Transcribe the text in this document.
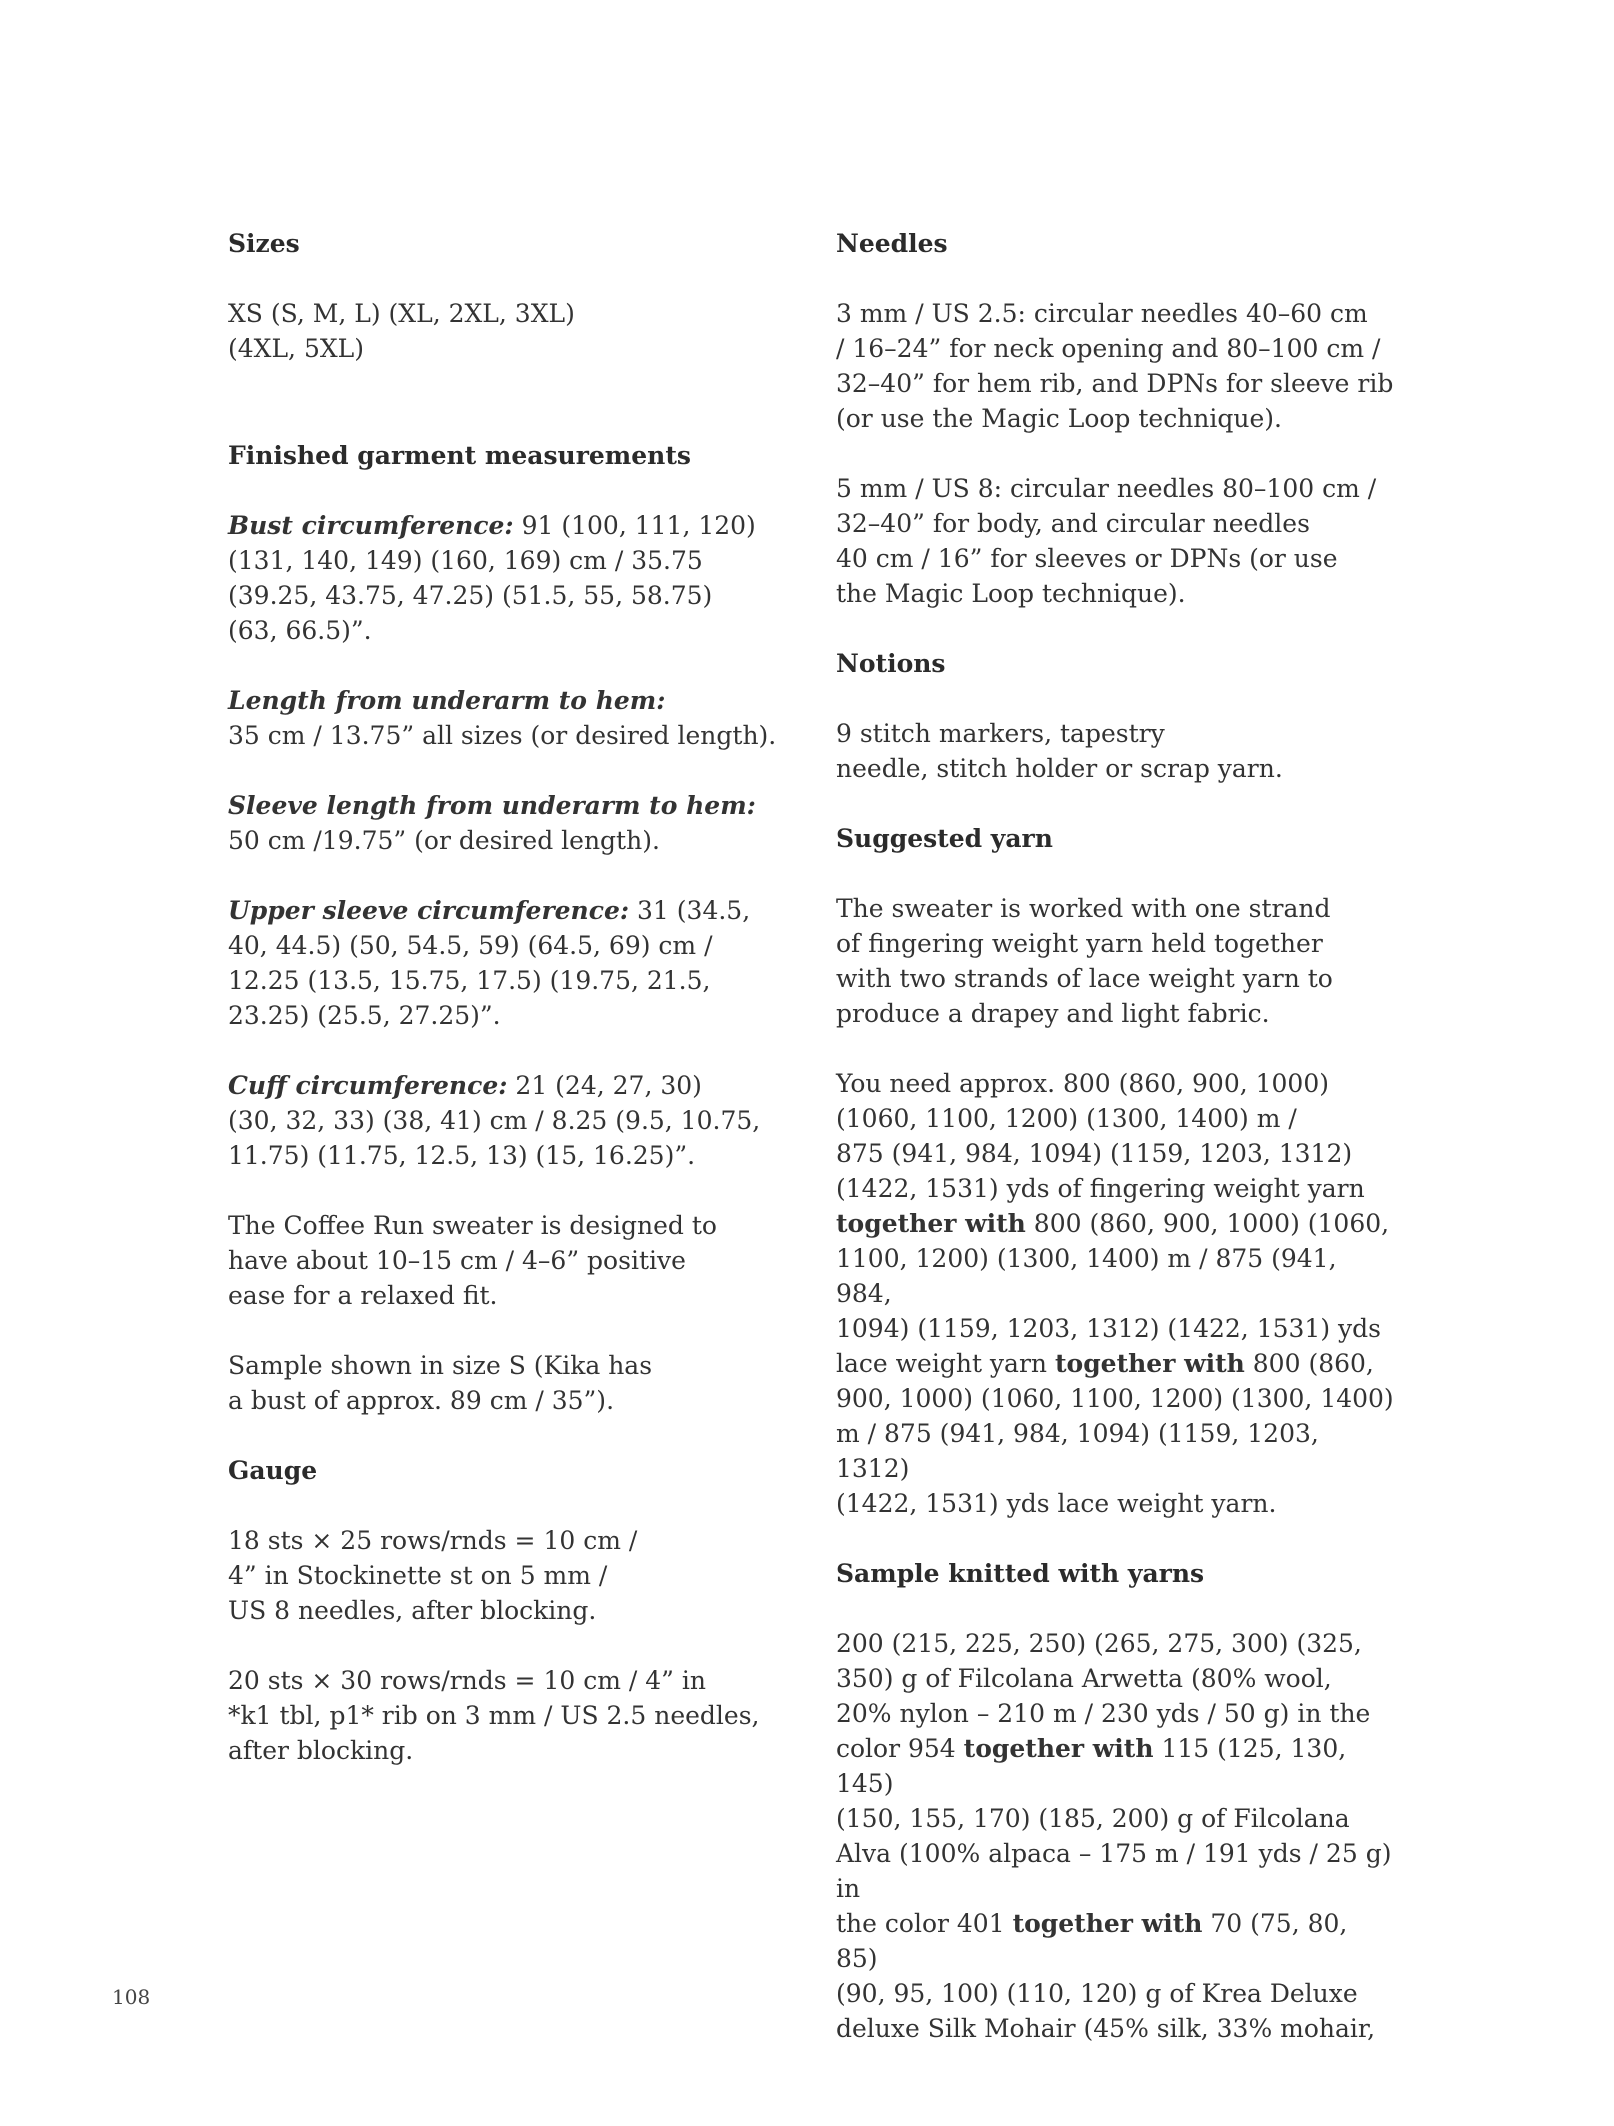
Sizes
XS (S, M, L) (XL, 2XL, 3XL)
(4XL, 5XL)
Finished garment measurements
Bust circumference: 91 (100, 111, 120)
(131, 140, 149) (160, 169) cm / 35.75
(39.25, 43.75, 47.25) (51.5, 55, 58.75)
(63, 66.5)”.
Length from underarm to hem:
35 cm / 13.75” all sizes (or desired length).
Sleeve length from underarm to hem:
50 cm /19.75” (or desired length).
Upper sleeve circumference: 31 (34.5,
40, 44.5) (50, 54.5, 59) (64.5, 69) cm /
12.25 (13.5, 15.75, 17.5) (19.75, 21.5,
23.25) (25.5, 27.25)”.
Cuff circumference: 21 (24, 27, 30)
(30, 32, 33) (38, 41) cm / 8.25 (9.5, 10.75,
11.75) (11.75, 12.5, 13) (15, 16.25)”.
The Coffee Run sweater is designed to
have about 10–15 cm / 4–6” positive
ease for a relaxed fit.
Sample shown in size S (Kika has
a bust of approx. 89 cm / 35”).
Gauge
18 sts × 25 rows/rnds = 10 cm /
4” in Stockinette st on 5 mm /
US 8 needles, after blocking.
20 sts × 30 rows/rnds = 10 cm / 4” in
*k1 tbl, p1* rib on 3 mm / US 2.5 needles,
after blocking.
Needles
3 mm / US 2.5: circular needles 40–60 cm
/ 16–24” for neck opening and 80–100 cm /
32–40” for hem rib, and DPNs for sleeve rib
(or use the Magic Loop technique).
5 mm / US 8: circular needles 80–100 cm /
32–40” for body, and circular needles
40 cm / 16” for sleeves or DPNs (or use
the Magic Loop technique).
Notions
9 stitch markers, tapestry
needle, stitch holder or scrap yarn.
Suggested yarn
The sweater is worked with one strand
of fingering weight yarn held together
with two strands of lace weight yarn to
produce a drapey and light fabric.
You need approx. 800 (860, 900, 1000)
(1060, 1100, 1200) (1300, 1400) m /
875 (941, 984, 1094) (1159, 1203, 1312)
(1422, 1531) yds of fingering weight yarn
together with 800 (860, 900, 1000) (1060,
1100, 1200) (1300, 1400) m / 875 (941, 984,
1094) (1159, 1203, 1312) (1422, 1531) yds
lace weight yarn together with 800 (860,
900, 1000) (1060, 1100, 1200) (1300, 1400)
m / 875 (941, 984, 1094) (1159, 1203, 1312)
(1422, 1531) yds lace weight yarn.
Sample knitted with yarns
200 (215, 225, 250) (265, 275, 300) (325,
350) g of Filcolana Arwetta (80% wool,
20% nylon – 210 m / 230 yds / 50 g) in the
color 954 together with 115 (125, 130, 145)
(150, 155, 170) (185, 200) g of Filcolana
Alva (100% alpaca – 175 m / 191 yds / 25 g) in
the color 401 together with 70 (75, 80, 85)
(90, 95, 100) (110, 120) g of Krea Deluxe
deluxe Silk Mohair (45% silk, 33% mohair,
108
